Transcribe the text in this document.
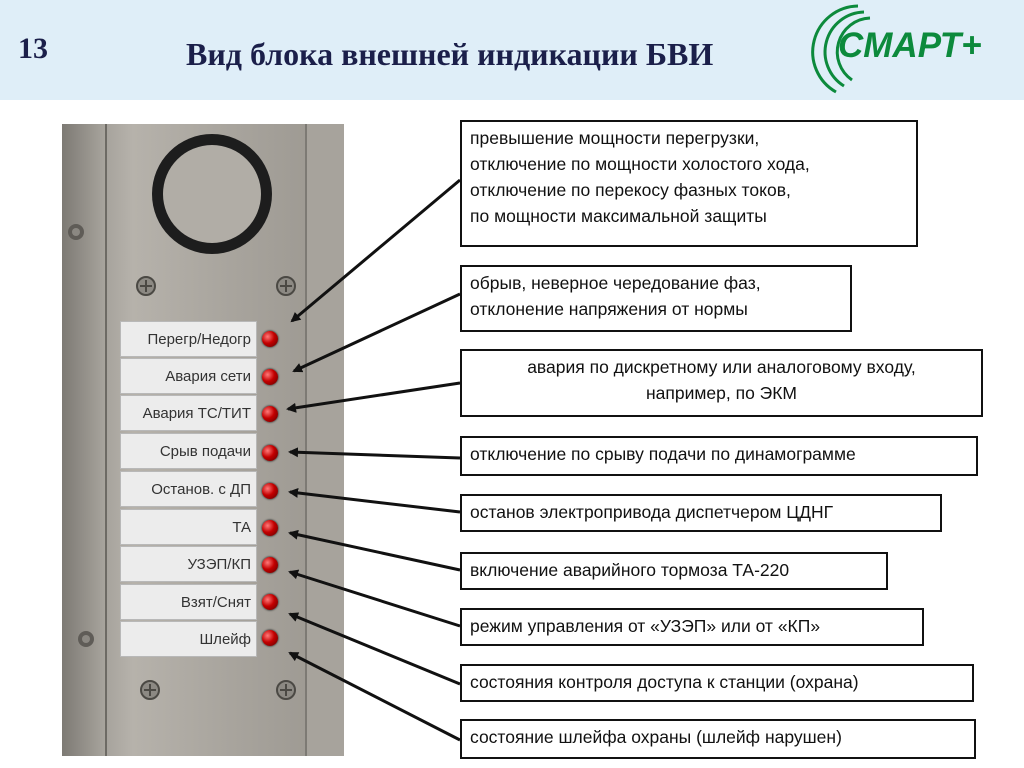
13	Вид блока внешней индикации БВИ	СМАРТ+
Перегр/Недогр
Авария сети
Авария ТС/ТИТ
Срыв подачи
Останов. с ДП
ТА
УЗЭП/КП
Взят/Снят
Шлейф
превышение мощности перегрузки,
отключение по мощности холостого хода,
отключение по перекосу фазных токов,
по мощности максимальной защиты
обрыв, неверное чередование фаз,
отклонение напряжения от нормы
авария по дискретному или аналоговому входу,
например, по ЭКМ
отключение по срыву подачи по динамограмме
останов электропривода диспетчером ЦДНГ
включение аварийного тормоза ТА-220
режим управления от «УЗЭП» или от «КП»
состояния контроля доступа к станции (охрана)
состояние шлейфа охраны (шлейф нарушен)
